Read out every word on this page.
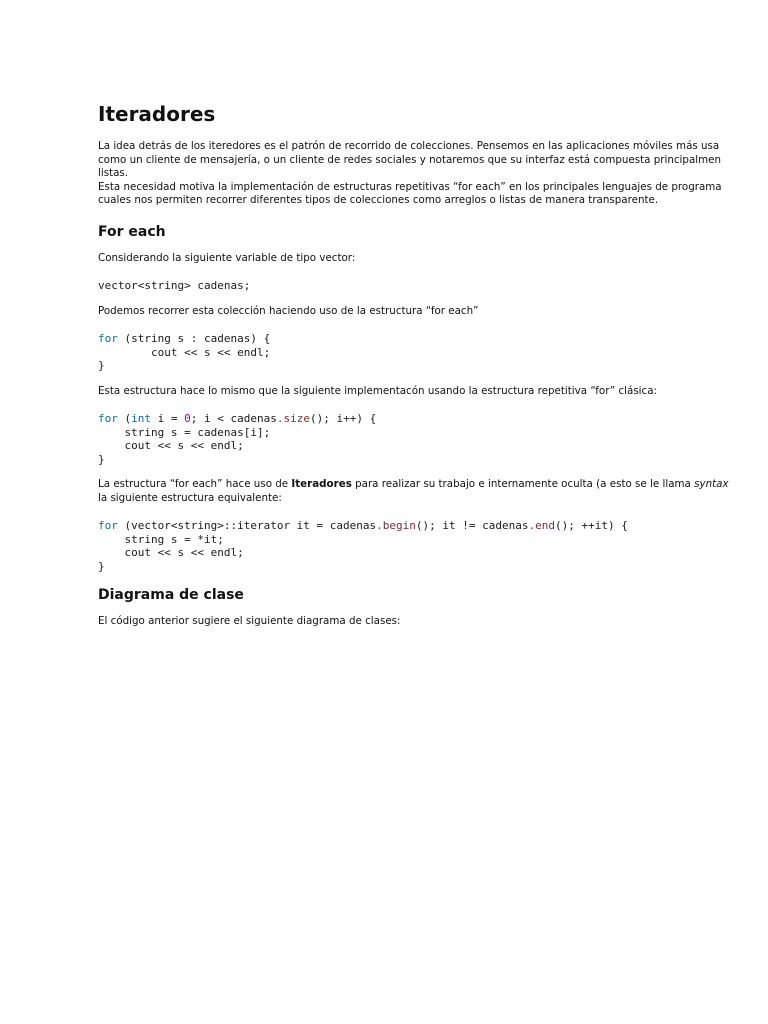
Iteradores

La idea detrás de los iteredores es el patrón de recorrido de colecciones. Pensemos en las aplicaciones móviles más usa

como un cliente de mensajería, o un cliente de redes sociales y notaremos que su interfaz está compuesta principalmen

listas.

Esta necesidad motiva la implementación de estructuras repetitivas “for each” en los principales lenguajes de programa

cuales nos permiten recorrer diferentes tipos de colecciones como arreglos o listas de manera transparente.

For each

Considerando la siguiente variable de tipo vector:

vector<string> cadenas;

Podemos recorrer esta colección haciendo uso de la estructura “for each”

for (string s : cadenas) {
cout << s << endl;
}

Esta estructura hace lo mismo que la siguiente implementacón usando la estructura repetitiva “for” clásica:

for (int i = 0; i < cadenas.size(); i++) {
string s = cadenas[i];
cout << s << endl;
}

La estructura “for each” hace uso de Iteradores para realizar su trabajo e internamente oculta (a esto se le llama syntax

la siguiente estructura equivalente:

for (vector<string>::iterator it = cadenas.begin(); it != cadenas.end(); ++it) {
string s = *it;
cout << s << endl;
}
Diagrama de clase

El código anterior sugiere el siguiente diagrama de clases:
